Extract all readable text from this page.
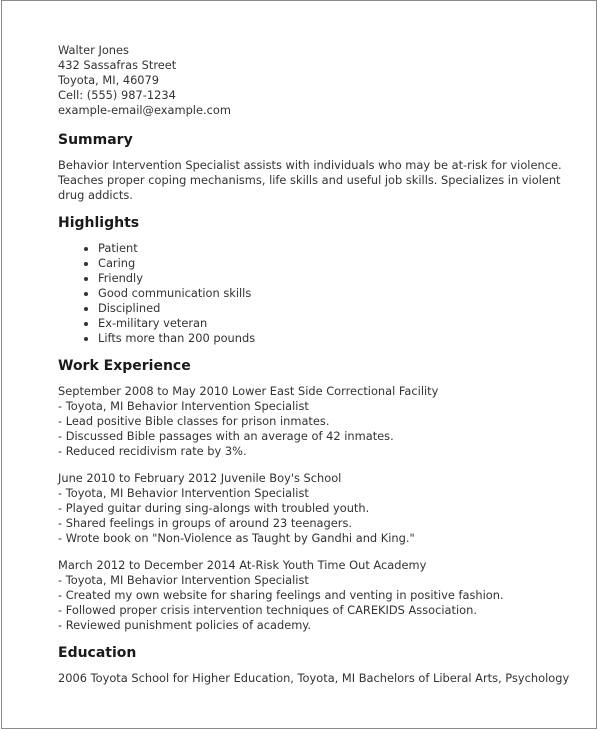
Walter Jones
432 Sassafras Street
Toyota, MI, 46079
Cell: (555) 987-1234
example-email@example.com
Summary

Behavior Intervention Specialist assists with individuals who may be at-risk for violence. Teaches proper coping mechanisms, life skills and useful job skills. Specializes in violent drug addicts.

Highlights
• Patient
• Caring
• Friendly
• Good communication skills
• Disciplined
• Ex-military veteran
• Lifts more than 200 pounds
Work Experience
September 2008 to May 2010 Lower East Side Correctional Facility
- Toyota, MI Behavior Intervention Specialist
- Lead positive Bible classes for prison inmates.
- Discussed Bible passages with an average of 42 inmates.
- Reduced recidivism rate by 3%.
June 2010 to February 2012 Juvenile Boy's School
- Toyota, MI Behavior Intervention Specialist
- Played guitar during sing-alongs with troubled youth.
- Shared feelings in groups of around 23 teenagers.
- Wrote book on "Non-Violence as Taught by Gandhi and King."
March 2012 to December 2014 At-Risk Youth Time Out Academy
- Toyota, MI Behavior Intervention Specialist
- Created my own website for sharing feelings and venting in positive fashion.
- Followed proper crisis intervention techniques of CAREKIDS Association.
- Reviewed punishment policies of academy.
Education

2006 Toyota School for Higher Education, Toyota, MI Bachelors of Liberal Arts, Psychology
